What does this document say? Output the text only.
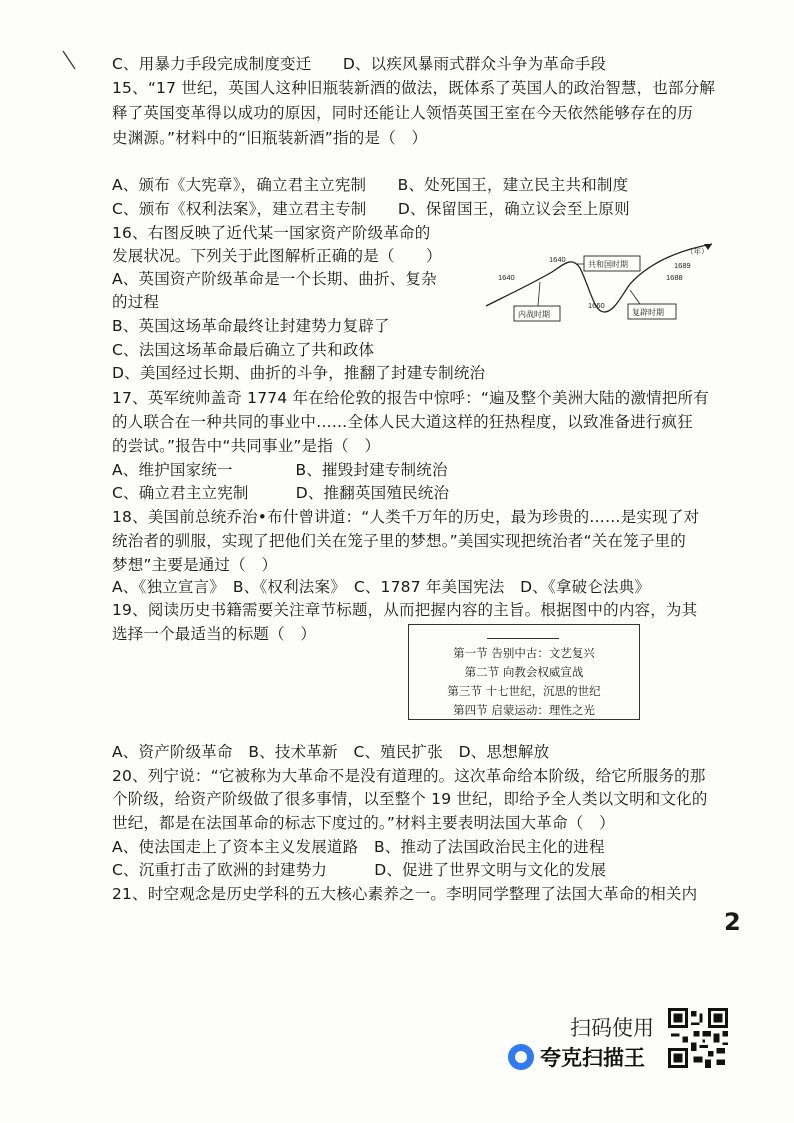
C、用暴力手段完成制度变迁　　D、以疾风暴雨式群众斗争为革命手段
15、“17 世纪，英国人这种旧瓶装新酒的做法，既体系了英国人的政治智慧，也部分解
释了英国变革得以成功的原因，同时还能让人领悟英国王室在今天依然能够存在的历
史渊源。”材料中的“旧瓶装新酒”指的是（　）
A、颁布《大宪章》，确立君主立宪制　　B、处死国王，建立民主共和制度
C、颁布《权利法案》，建立君主专制　　D、保留国王，确立议会至上原则
16、右图反映了近代某一国家资产阶级革命的
发展状况。下列关于此图解析正确的是（　　）
A、英国资产阶级革命是一个长期、曲折、复杂
的过程
B、英国这场革命最终让封建势力复辟了
C、法国这场革命最后确立了共和政体
D、美国经过长期、曲折的斗争，推翻了封建专制统治
17、英军统帅盖奇 1774 年在给伦敦的报告中惊呼：“遍及整个美洲大陆的激情把所有
的人联合在一种共同的事业中……全体人民大道这样的狂热程度，以致准备进行疯狂
的尝试。”报告中“共同事业”是指（　）
A、维护国家统一　　　　B、摧毁封建专制统治
C、确立君主立宪制　　　D、推翻英国殖民统治
18、美国前总统乔治•布什曾讲道：“人类千万年的历史，最为珍贵的……是实现了对
统治者的驯服，实现了把他们关在笼子里的梦想。”美国实现把统治者“关在笼子里的
梦想”主要是通过（　）
A、《独立宣言》　B、《权利法案》　C、1787 年美国宪法　D、《拿破仑法典》
19、阅读历史书籍需要关注章节标题，从而把握内容的主旨。根据图中的内容，为其
选择一个最适当的标题（　）
A、资产阶级革命　B、技术革新　C、殖民扩张　D、思想解放
20、列宁说：“它被称为大革命不是没有道理的。这次革命给本阶级，给它所服务的那
个阶级，给资产阶级做了很多事情，以至整个 19 世纪，即给予全人类以文明和文化的
世纪，都是在法国革命的标志下度过的。”材料主要表明法国大革命（　）
A、使法国走上了资本主义发展道路　B、推动了法国政治民主化的进程
C、沉重打击了欧洲的封建势力　　　D、促进了世界文明与文化的发展
21、时空观念是历史学科的五大核心素养之一。李明同学整理了法国大革命的相关内
（年）
1640
1640
1660
1688
1689
内战时期
共和国时期
复辟时期
第一节 告别中古：文艺复兴
第二节 向教会权威宣战
第三节 十七世纪，沉思的世纪
第四节 启蒙运动：理性之光
2
扫码使用
夸克扫描王
